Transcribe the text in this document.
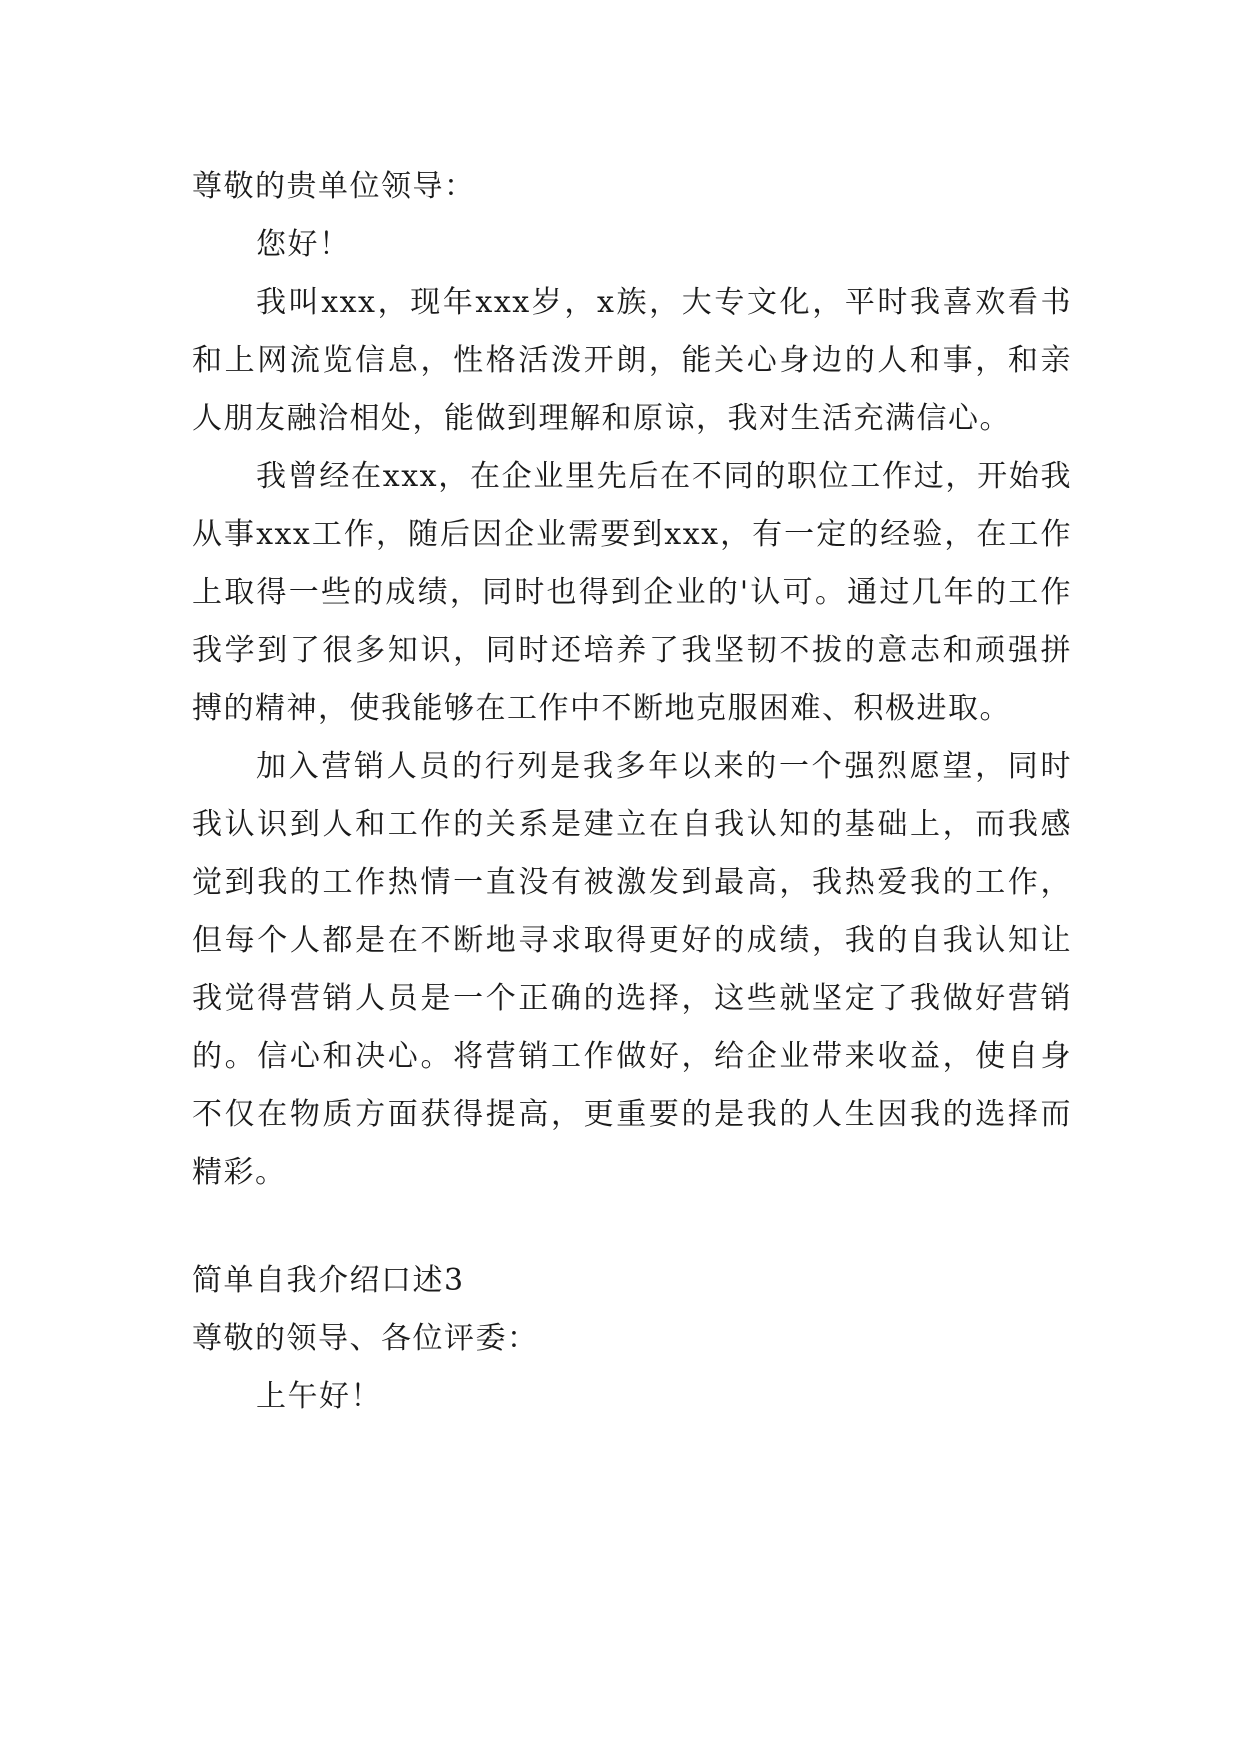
尊敬的贵单位领导：

您好！

我叫xxx，现年xxx岁，x族，大专文化，平时我喜欢看书和上网流览信息，性格活泼开朗，能关心身边的人和事，和亲人朋友融洽相处，能做到理解和原谅，我对生活充满信心。

我曾经在xxx，在企业里先后在不同的职位工作过，开始我从事xxx工作，随后因企业需要到xxx，有一定的经验，在工作上取得一些的成绩，同时也得到企业的'认可。通过几年的工作我学到了很多知识，同时还培养了我坚韧不拔的意志和顽强拼搏的精神，使我能够在工作中不断地克服困难、积极进取。

加入营销人员的行列是我多年以来的一个强烈愿望，同时我认识到人和工作的关系是建立在自我认知的基础上，而我感觉到我的工作热情一直没有被激发到最高，我热爱我的工作，但每个人都是在不断地寻求取得更好的成绩，我的自我认知让我觉得营销人员是一个正确的选择，这些就坚定了我做好营销的。信心和决心。将营销工作做好，给企业带来收益，使自身不仅在物质方面获得提高，更重要的是我的人生因我的选择而精彩。

简单自我介绍口述3

尊敬的领导、各位评委：

上午好！
